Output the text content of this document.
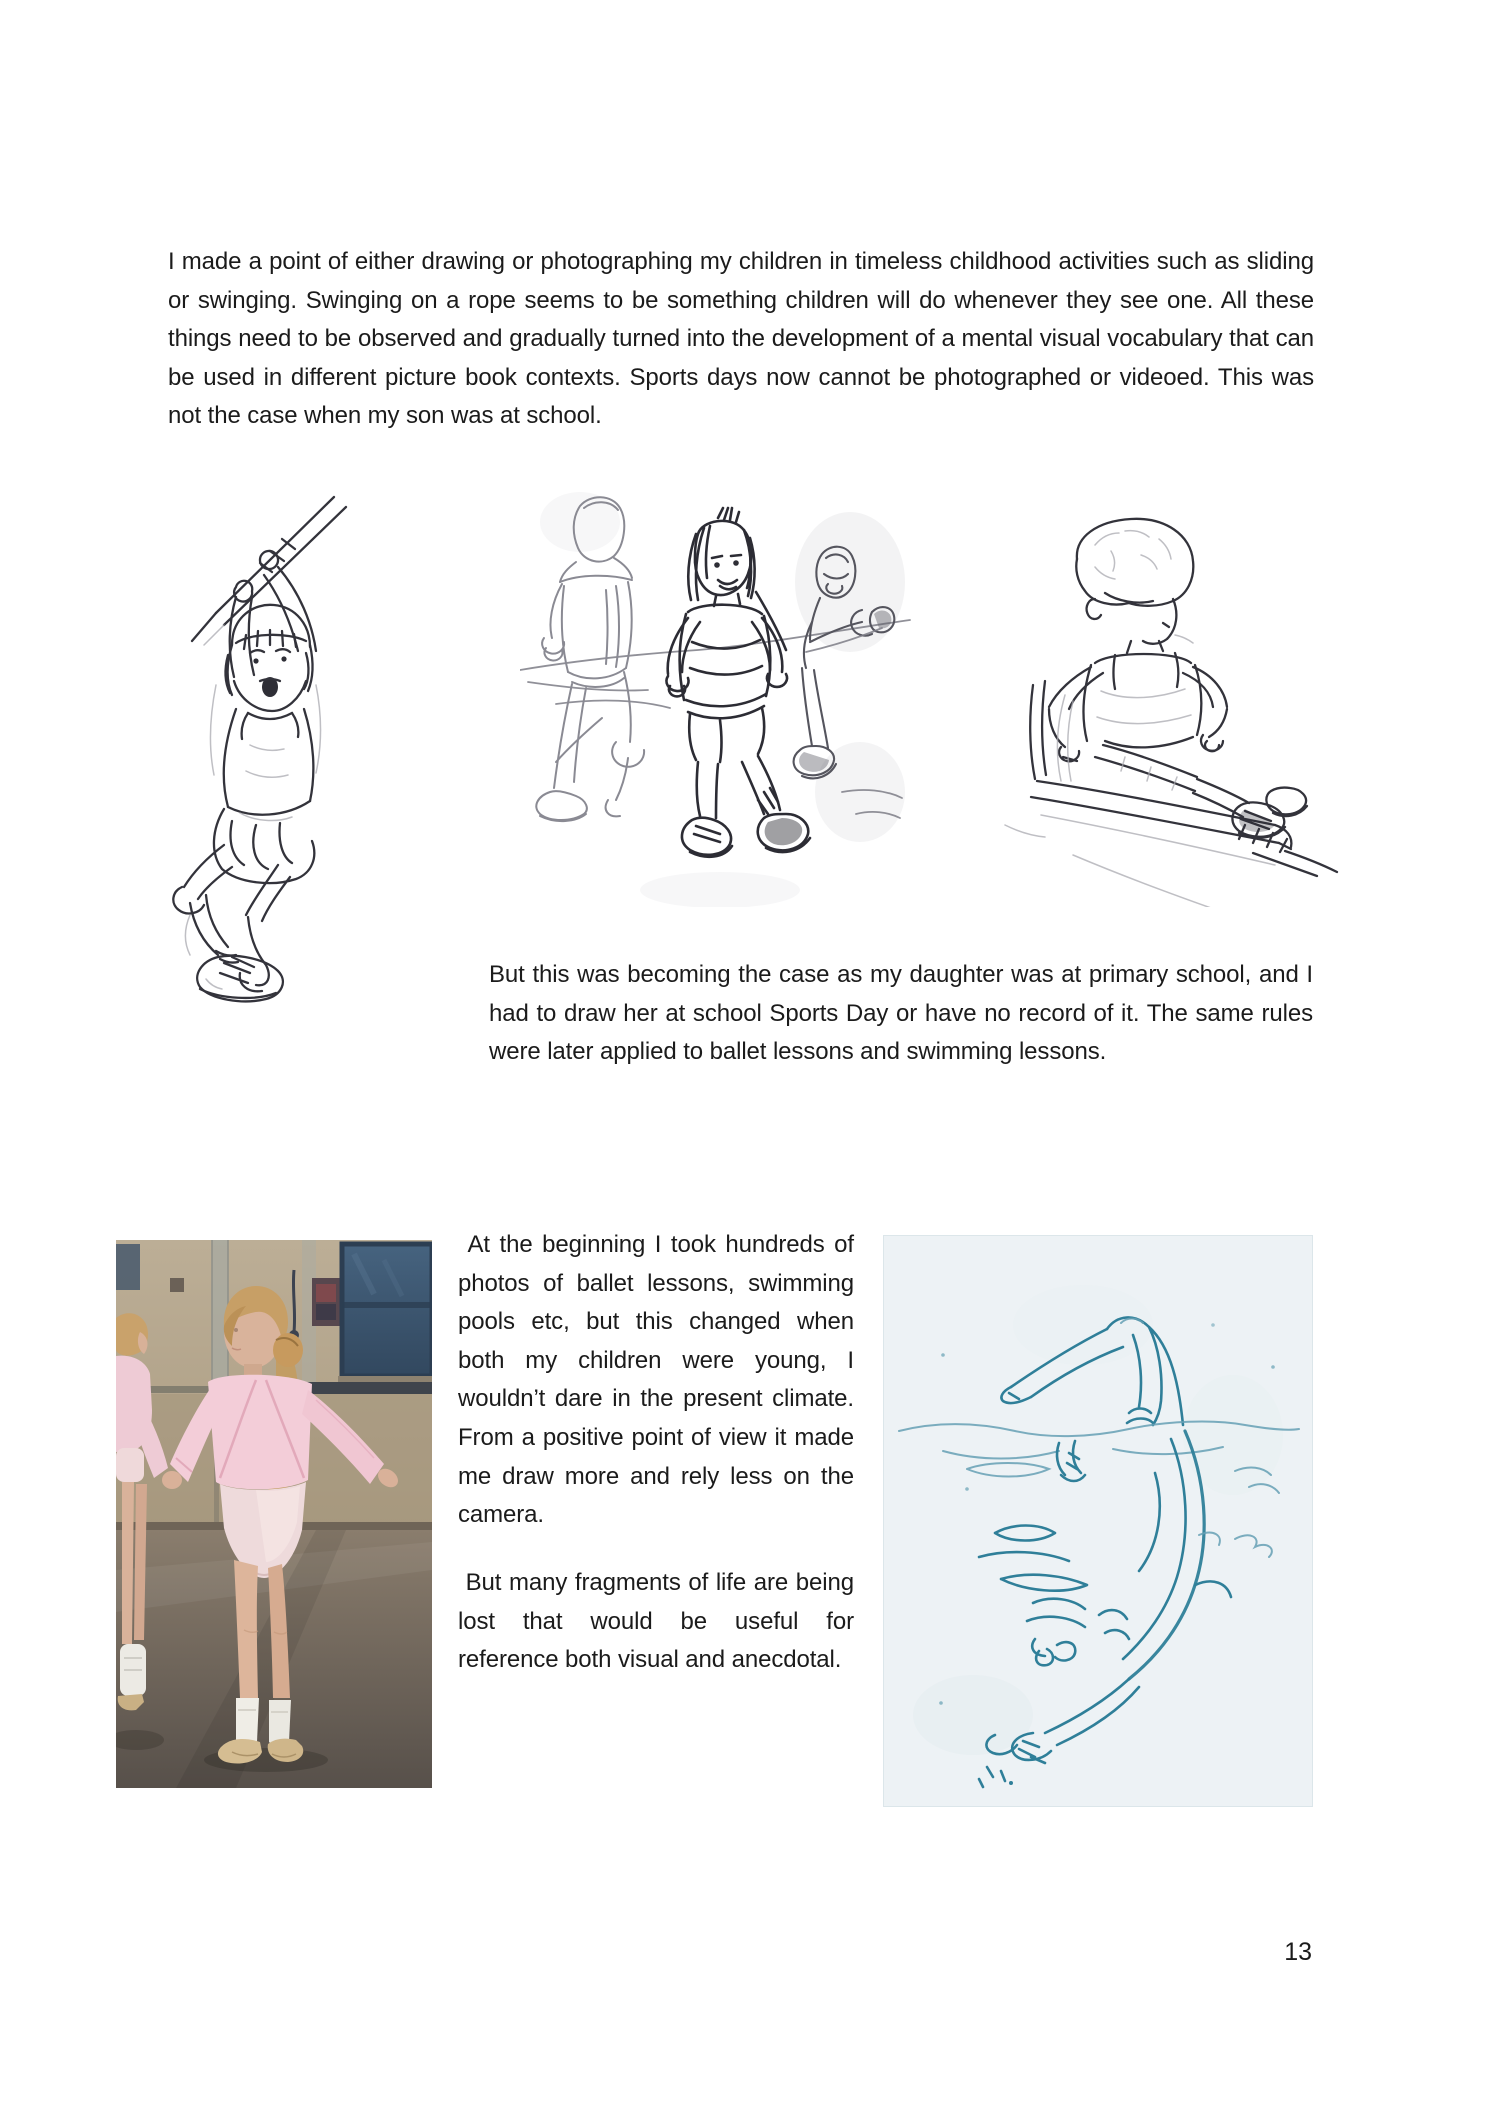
I made a point of either drawing or photographing my children in timeless childhood activities such as sliding or swinging. Swinging on a rope seems to be something children will do whenever they see one. All these things need to be observed and gradually turned into the development of a mental visual vocabulary that can be used in different picture book contexts. Sports days now cannot be photographed or videoed. This was not the case when my son was at school.

But this was becoming the case as my daughter was at primary school, and I had to draw her at school Sports Day or have no record of it. The same rules were later applied to ballet lessons and swimming lessons.

At the beginning I took hundreds of photos of ballet lessons, swimming pools etc, but this changed when both my children were young, I wouldn’t dare in the present climate. From a positive point of view it made me draw more and rely less on the camera.

But many fragments of life are being lost that would be useful for reference both visual and anecdotal.

13
